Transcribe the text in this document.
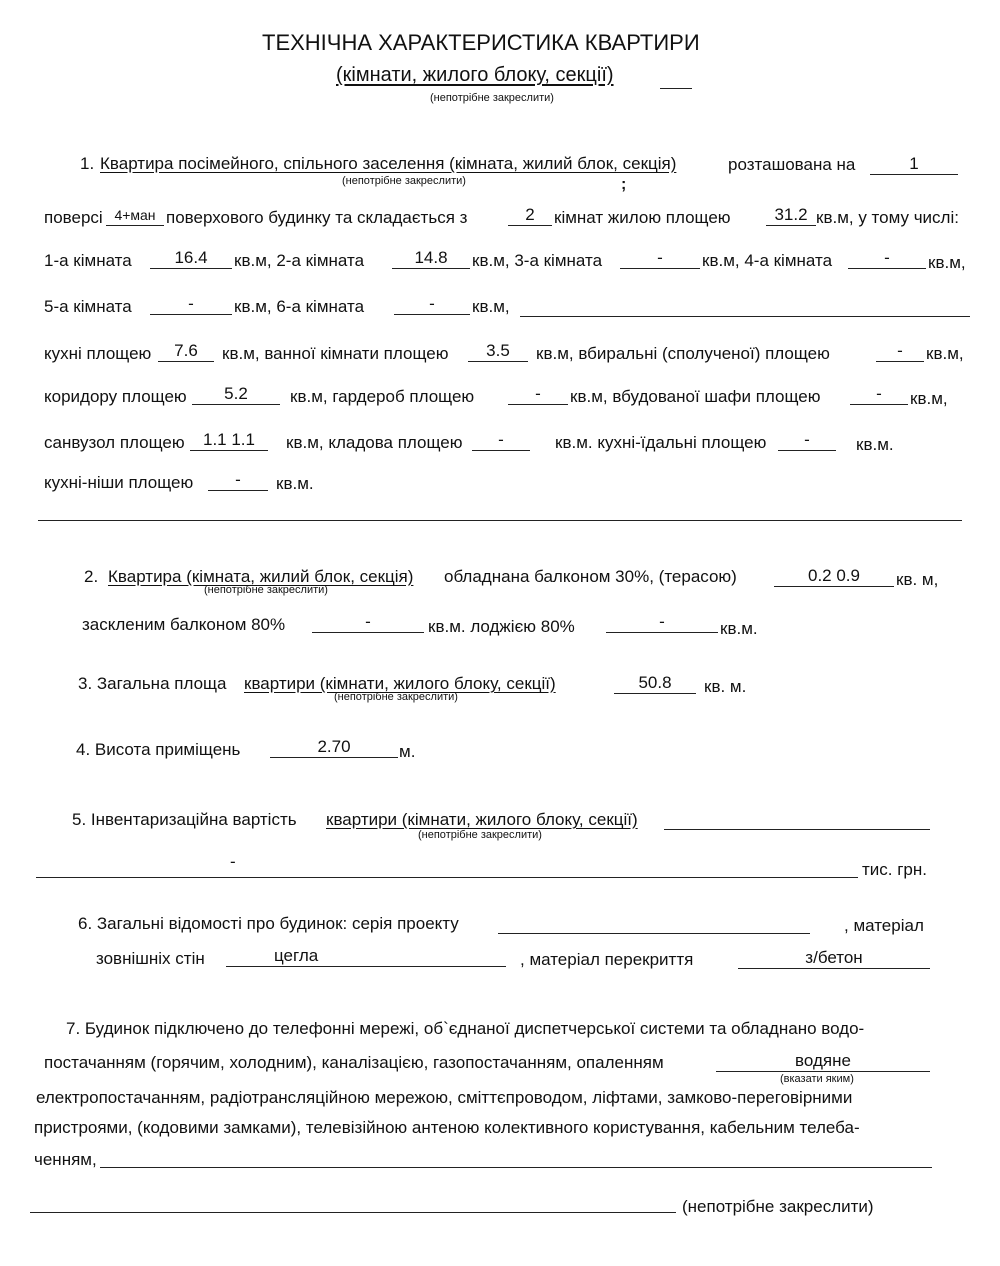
ТЕХНІЧНА ХАРАКТЕРИСТИКА КВАРТИРИ
(кімнати, жилого блоку, секції)
(непотрібне закреслити)
1. Квартира посімейного, спільного заселення (кімната, жилий блок, секція)	розташована на	1
(непотрібне закреслити)	;
поверсі 4+ман поверхового будинку та складається з	2	кімнат жилою площею	31.2 кв.м, у тому числі:
1-а кімната	16.4	кв.м, 2-а кімната	14.8	кв.м, 3-а кімната	-	кв.м, 4-а кімната	-	кв.м,
5-а кімната	-	кв.м, 6-а кімната	-	кв.м,
кухні площею	7.6	кв.м, ванної кімнати площею	3.5	кв.м, вбиральні (сполученої) площею	-	кв.м,
коридору площею	5.2	кв.м, гардероб площею	-	кв.м, вбудованої шафи площею	-	кв.м,
санвузол площею	1.1 1.1	кв.м, кладова площею	-	кв.м. кухні-їдальні площею	-	кв.м.
кухні-ніши площею	-	кв.м.
2. Квартира (кімната, жилий блок, секція) обладнана балконом 30%, (терасою)	0.2 0.9	кв. м,
(непотрібне закреслити)
заскленим балконом 80%	-	кв.м. лоджією 80%	-	кв.м.
3. Загальна площа квартири (кімнати, жилого блоку, секції)	50.8	кв. м.
(непотрібне закреслити)
4. Висота приміщень	2.70	м.
5. Інвентаризаційна вартість квартири (кімнати, жилого блоку, секції)
(непотрібне закреслити)
-	тис. грн.
6. Загальні відомості про будинок: серія проекту	, матеріал
зовнішніх стін	цегла	, матеріал перекриття	з/бетон
7. Будинок підключено до телефонні мережі, об`єднаної диспетчерської системи та обладнано водо-
постачанням (горячим, холодним), каналізацією, газопостачанням, опаленням	водяне
(вказати яким)
електропостачанням, радіотрансляційною мережою, сміттєпроводом, ліфтами, замково-переговірними
пристроями, (кодовими замками), телевізійною антеною колективного користування, кабельним телеба-
ченням,
(непотрібне закреслити)
